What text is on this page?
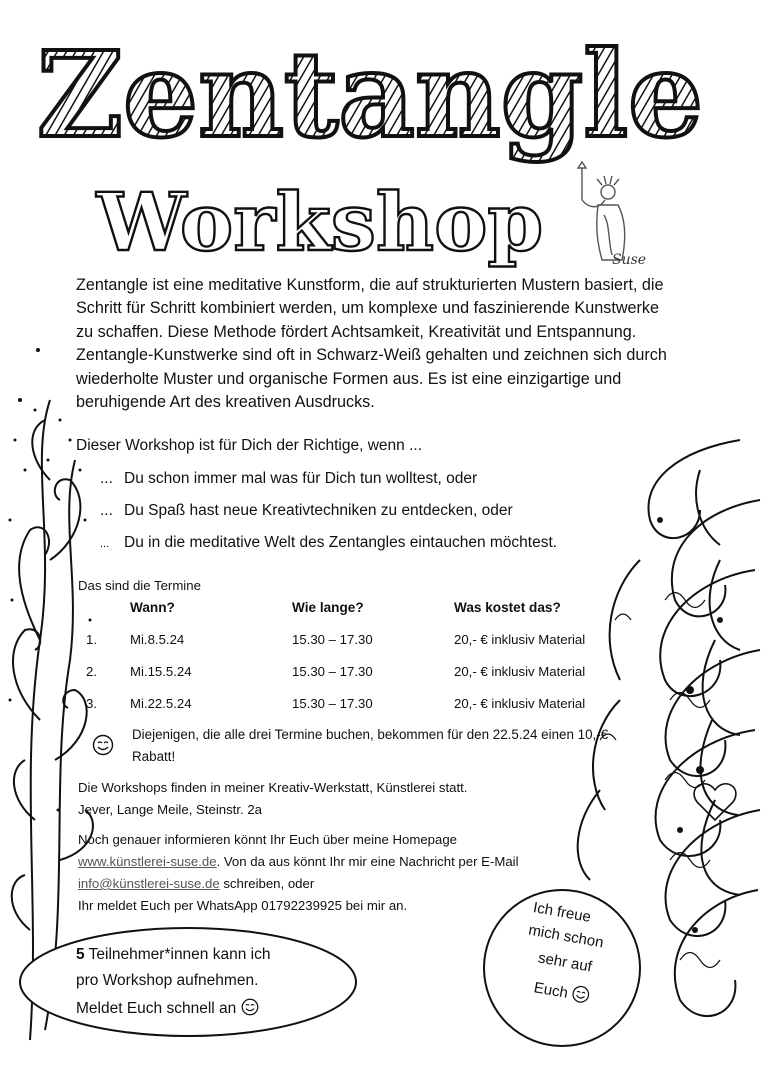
Zentangle
Workshop	Suse
Zentangle ist eine meditative Kunstform, die auf strukturierten Mustern basiert, die Schritt für Schritt kombiniert werden, um komplexe und faszinierende Kunstwerke zu schaffen. Diese Methode fördert Achtsamkeit, Kreativität und Entspannung. Zentangle-Kunstwerke sind oft in Schwarz-Weiß gehalten und zeichnen sich durch wiederholte Muster und organische Formen aus. Es ist eine einzigartige und beruhigende Art des kreativen Ausdrucks.
Dieser Workshop ist für Dich der Richtige, wenn ...
... Du schon immer mal was für Dich tun wolltest, oder
... Du Spaß hast neue Kreativtechniken zu entdecken, oder
... Du in die meditative Welt des Zentangles eintauchen möchtest.
Das sind die Termine
Wann?	Wie lange?	Was kostet das?
1.	Mi.8.5.24	15.30 – 17.30	20,- € inklusiv Material
2.	Mi.15.5.24	15.30 – 17.30	20,- € inklusiv Material
3.	Mi.22.5.24	15.30 – 17.30	20,- € inklusiv Material
Diejenigen, die alle drei Termine buchen, bekommen für den 22.5.24 einen 10,-€ Rabatt!
Die Workshops finden in meiner Kreativ-Werkstatt, Künstlerei statt.
Jever, Lange Meile, Steinstr. 2a
Noch genauer informieren könnt Ihr Euch über meine Homepage
www.künstlerei-suse.de. Von da aus könnt Ihr mir eine Nachricht per E-Mail
info@künstlerei-suse.de schreiben, oder
Ihr meldet Euch per WhatsApp 01792239925 bei mir an.
5 Teilnehmer*innen kann ich
pro Workshop aufnehmen.
Meldet Euch schnell an
Ich freue
mich schon
sehr auf
Euch
